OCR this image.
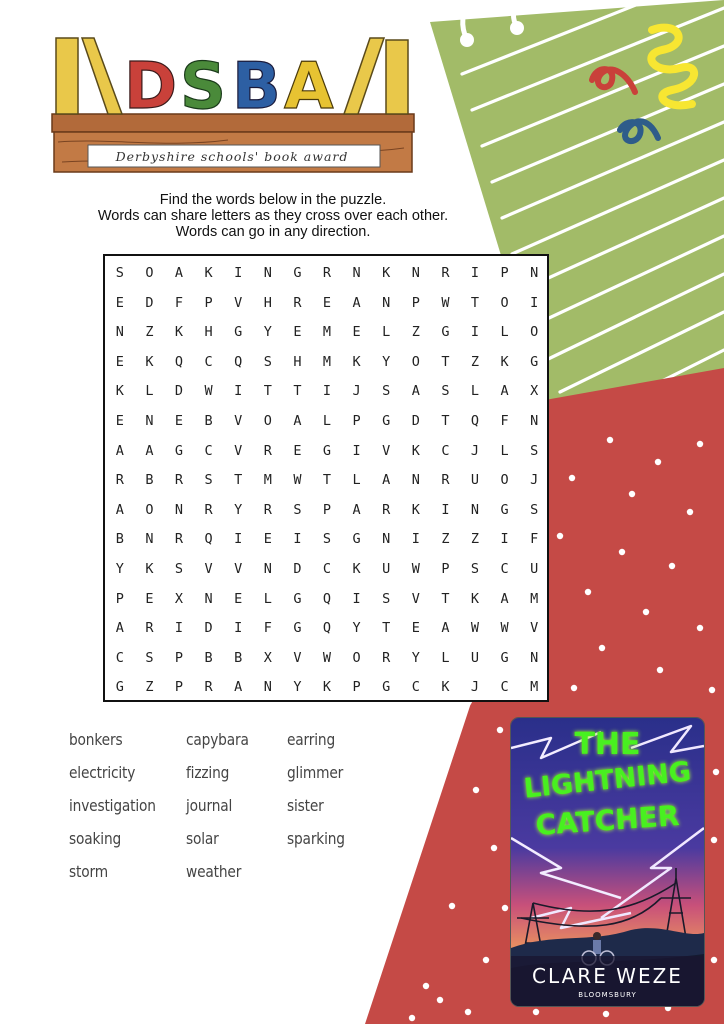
D S B A
Derbyshire schools' book award
Find the words below in the puzzle.
Words can share letters as they cross over each other.
Words can go in any direction.
S	O	A	K	I	N	G	R	N	K	N	R	I	P	N
E	D	F	P	V	H	R	E	A	N	P	W	T	O	I
N	Z	K	H	G	Y	E	M	E	L	Z	G	I	L	O
E	K	Q	C	Q	S	H	M	K	Y	O	T	Z	K	G
K	L	D	W	I	T	T	I	J	S	A	S	L	A	X
E	N	E	B	V	O	A	L	P	G	D	T	Q	F	N
A	A	G	C	V	R	E	G	I	V	K	C	J	L	S
R	B	R	S	T	M	W	T	L	A	N	R	U	O	J
A	O	N	R	Y	R	S	P	A	R	K	I	N	G	S
B	N	R	Q	I	E	I	S	G	N	I	Z	Z	I	F
Y	K	S	V	V	N	D	C	K	U	W	P	S	C	U
P	E	X	N	E	L	G	Q	I	S	V	T	K	A	M
A	R	I	D	I	F	G	Q	Y	T	E	A	W	W	V
C	S	P	B	B	X	V	W	O	R	Y	L	U	G	N
G	Z	P	R	A	N	Y	K	P	G	C	K	J	C	M
bonkers
electricity
investigation
soaking
storm
capybara
fizzing
journal
solar
weather
earring
glimmer
sister
sparking
THE
LIGHTNING
CATCHER
CLARE WEZE
BLOOMSBURY
